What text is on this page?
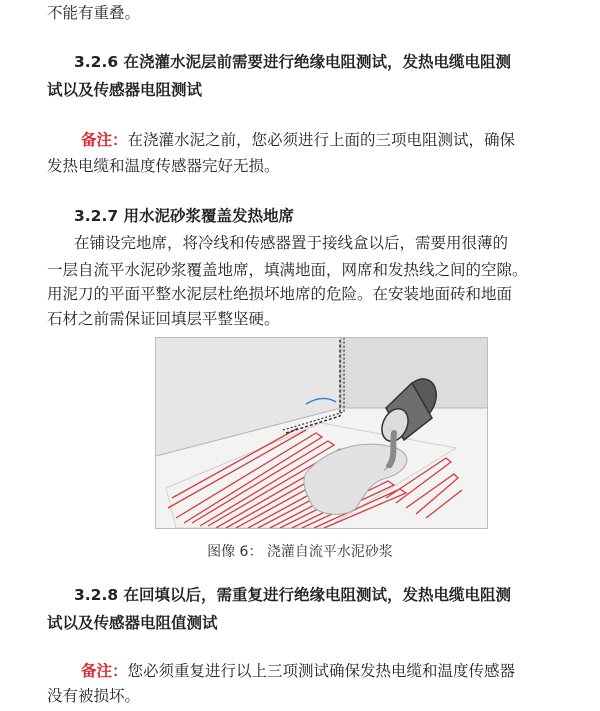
不能有重叠。
3.2.6 在浇灌水泥层前需要进行绝缘电阻测试，发热电缆电阻测
试以及传感器电阻测试
备注：在浇灌水泥之前，您必须进行上面的三项电阻测试，确保
发热电缆和温度传感器完好无损。
3.2.7 用水泥砂浆覆盖发热地席
在铺设完地席，将冷线和传感器置于接线盒以后，需要用很薄的
一层自流平水泥砂浆覆盖地席，填满地面，网席和发热线之间的空隙。
用泥刀的平面平整水泥层杜绝损坏地席的危险。在安装地面砖和地面
石材之前需保证回填层平整坚硬。
图像 6： 浇灌自流平水泥砂浆
3.2.8 在回填以后，需重复进行绝缘电阻测试，发热电缆电阻测
试以及传感器电阻值测试
备注：您必须重复进行以上三项测试确保发热电缆和温度传感器
没有被损坏。
